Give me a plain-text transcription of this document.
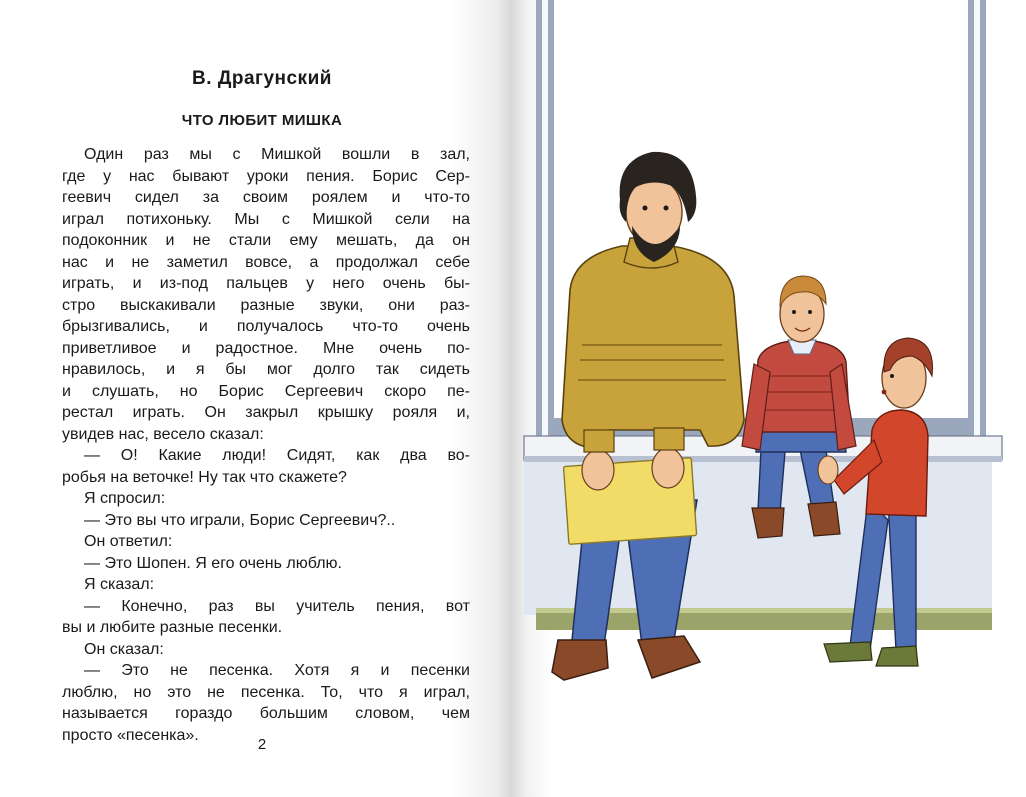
В. Драгунский
ЧТО ЛЮБИТ МИШКА
Один раз мы с Мишкой вошли в зал,
где у нас бывают уроки пения. Борис Сер-
геевич сидел за своим роялем и что-то
играл потихоньку. Мы с Мишкой сели на
подоконник и не стали ему мешать, да он
нас и не заметил вовсе, а продолжал себе
играть, и из-под пальцев у него очень бы-
стро выскакивали разные звуки, они раз-
брызгивались, и получалось что-то очень
приветливое и радостное. Мне очень по-
нравилось, и я бы мог долго так сидеть
и слушать, но Борис Сергеевич скоро пе-
рестал играть. Он закрыл крышку рояля и,
увидев нас, весело сказал:
— О! Какие люди! Сидят, как два во-
робья на веточке! Ну так что скажете?
Я спросил:
— Это вы что играли, Борис Сергеевич?..
Он ответил:
— Это Шопен. Я его очень люблю.
Я сказал:
— Конечно, раз вы учитель пения, вот
вы и любите разные песенки.
Он сказал:
— Это не песенка. Хотя я и песенки
люблю, но это не песенка. То, что я играл,
называется гораздо большим словом, чем
просто «песенка».
2
